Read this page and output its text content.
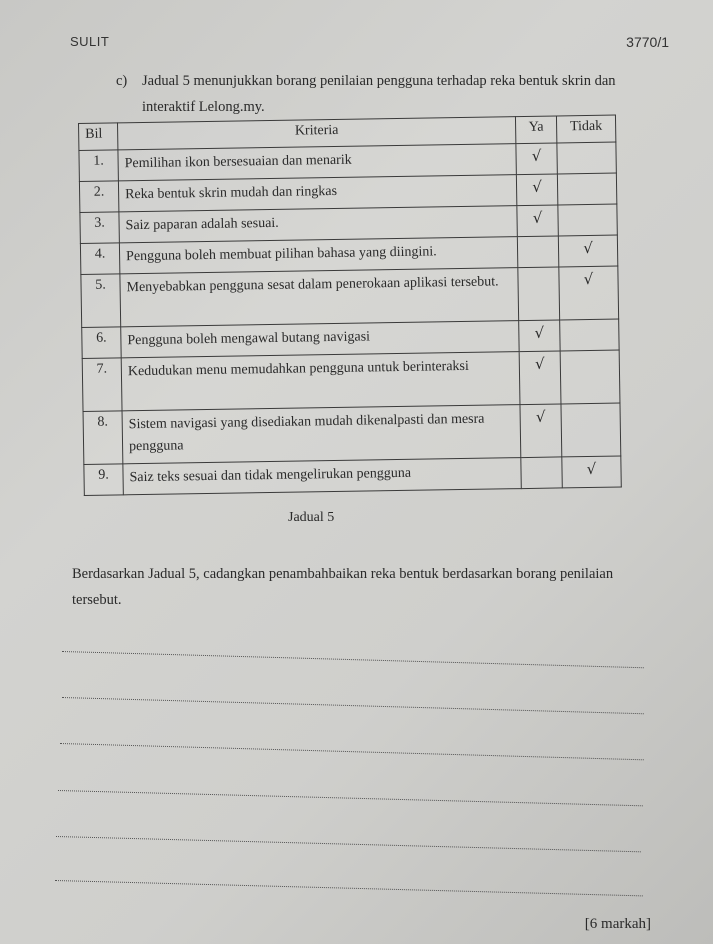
SULIT	3770/1
c) Jadual 5 menunjukkan borang penilaian pengguna terhadap reka bentuk skrin dan interaktif Lelong.my.
Bil	Kriteria	Ya	Tidak
1.	Pemilihan ikon bersesuaian dan menarik	√	
2.	Reka bentuk skrin mudah dan ringkas	√	
3.	Saiz paparan adalah sesuai.	√	
4.	Pengguna boleh membuat pilihan bahasa yang diingini.		√
5.	Menyebabkan pengguna sesat dalam penerokaan aplikasi tersebut.		√
6.	Pengguna boleh mengawal butang navigasi	√	
7.	Kedudukan menu memudahkan pengguna untuk berinteraksi	√	
8.	Sistem navigasi yang disediakan mudah dikenalpasti dan mesra pengguna	√	
9.	Saiz teks sesuai dan tidak mengelirukan pengguna		√
Jadual 5
Berdasarkan Jadual 5, cadangkan penambahbaikan reka bentuk berdasarkan borang penilaian tersebut.
[6 markah]
